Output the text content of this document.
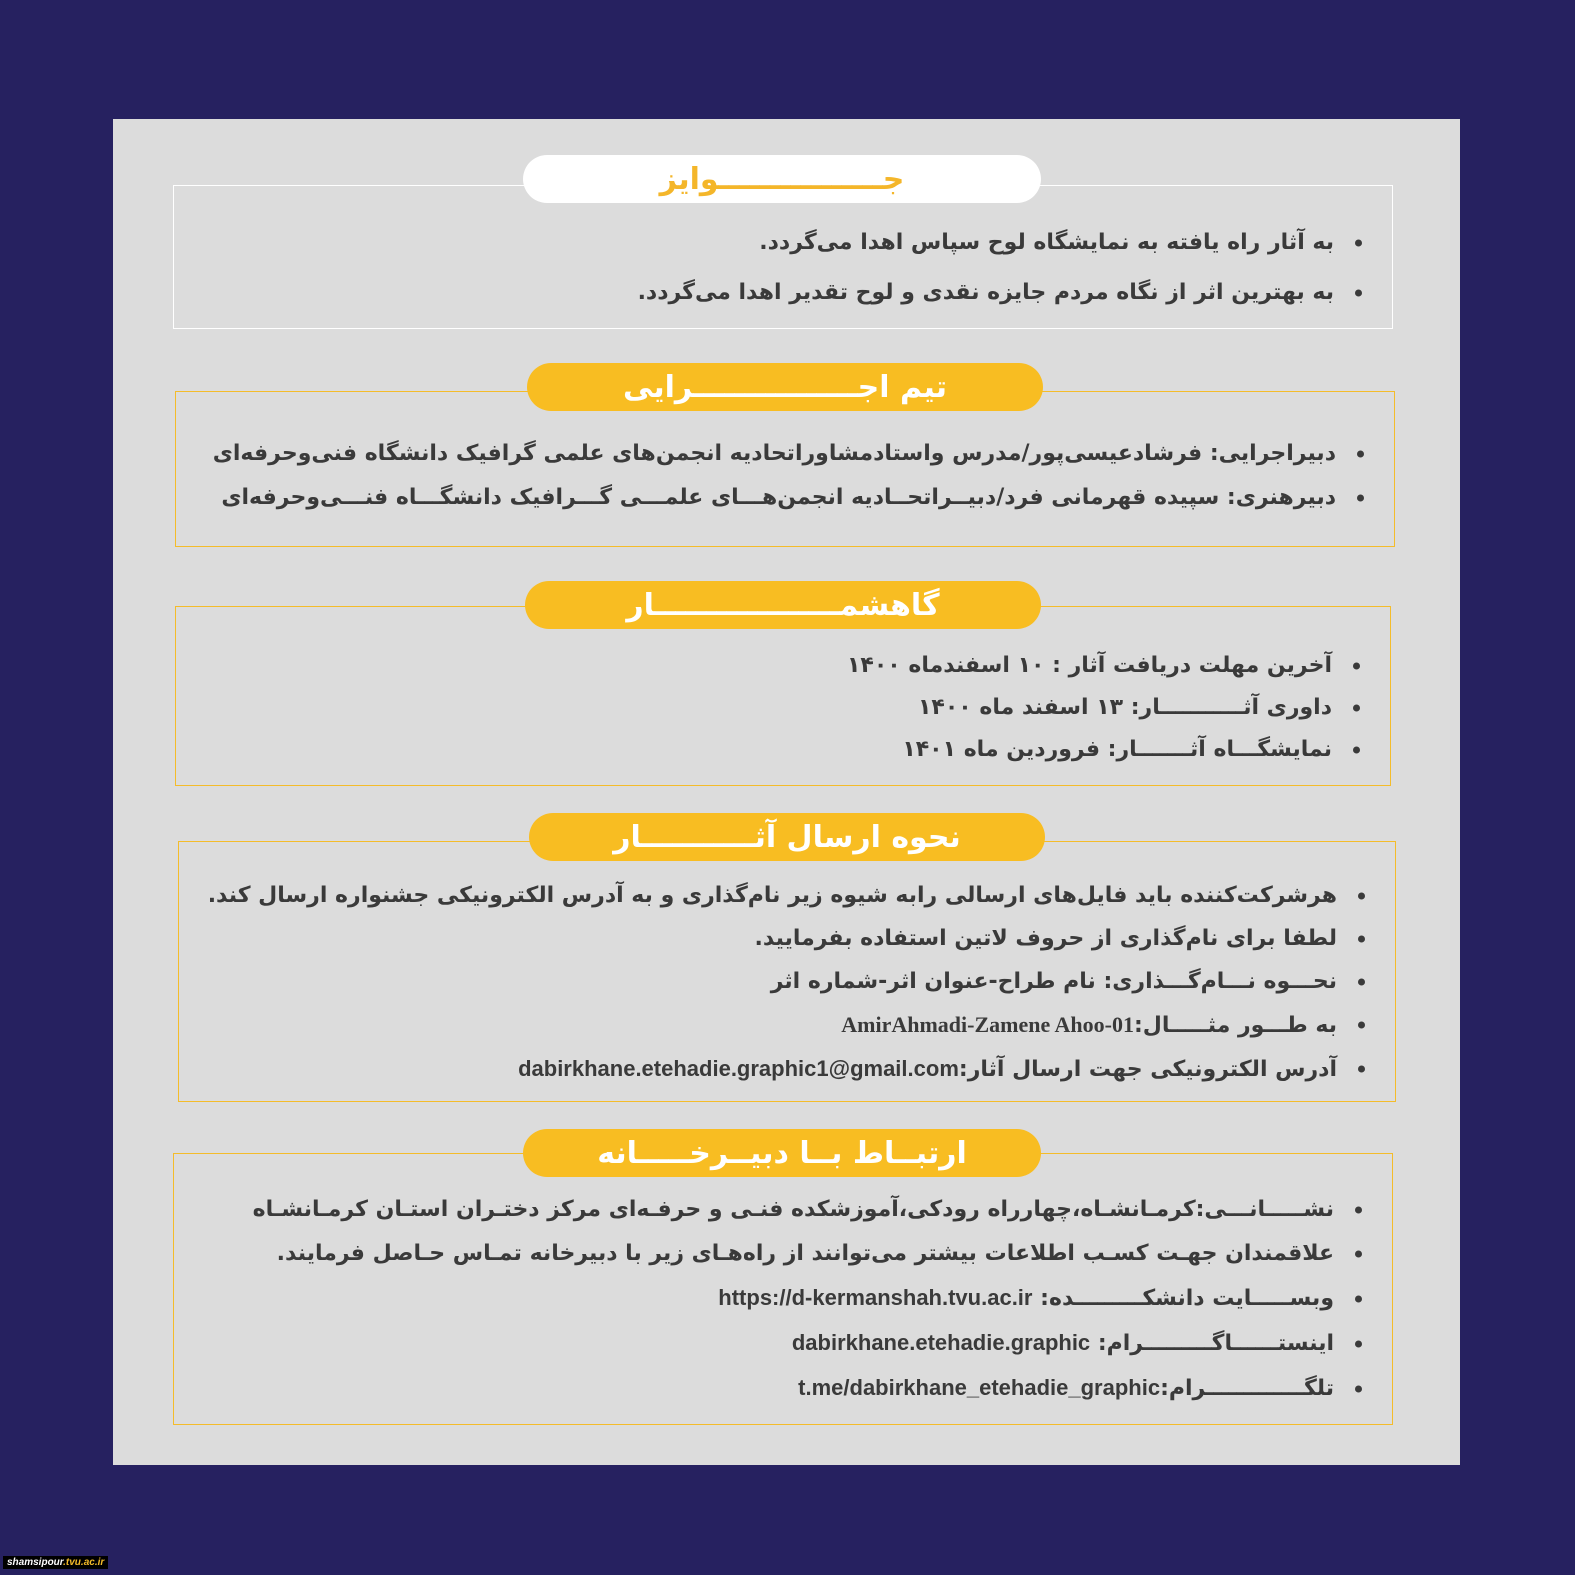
به آثار راه یافته به نمایشگاه لوح سپاس اهدا می‌گردد.
به بهترین اثر از نگاه مردم جایزه نقدی و لوح تقدیر اهدا می‌گردد.
جــــــــــــــــوایز
دبیراجرایی: فرشادعیسی‌پور/مدرس واستادمشاوراتحادیه انجمن‌های علمی گرافیک دانشگاه فنی‌وحرفه‌ای
دبیرهنری: سپیده قهرمانی فرد/دبیــراتحــادیه انجمن‌هـــای علمـــی گـــرافیک دانشگـــاه فنـــی‌وحرفه‌ای
تیم اجــــــــــــــــرایی
آخرین مهلت دریافت آثار : ۱۰ اسفندماه ۱۴۰۰
داوری آثـــــــــــار: ۱۳ اسفند ماه ۱۴۰۰
نمایشگـــاه آثـــــــار: فروردین ماه ۱۴۰۱
گاهشمــــــــــــــــــار
هرشرکت‌کننده باید فایل‌های ارسالی رابه شیوه زیر نام‌گذاری و به آدرس الکترونیکی جشنواره ارسال کند.
لطفا برای نام‌گذاری از حروف لاتین استفاده بفرمایید.
نحـــوه نـــام‌گـــذاری: نام طراح-عنوان اثر-شماره اثر
به طـــور مثـــــال:AmirAhmadi-Zamene Ahoo-01
آدرس الکترونیکی جهت ارسال آثار:dabirkhane.etehadie.graphic1@gmail.com
نحوه ارسال آثـــــــــــار
نشـــــانـــی:کرمـانشـاه،چهارراه رودکی،آموزشکده فنـی و حرفـه‌ای مرکز دختـران استـان کرمـانشـاه
علاقمندان جهـت کسـب اطلاعات بیشتر می‌توانند از راه‌هـای زیر با دبیرخانه تمـاس حـاصل فرمایند.
وبســـــایت دانشکـــــــــده: https://d-kermanshah.tvu.ac.ir
اینستــــــاگـــــــــرام: dabirkhane.etehadie.graphic
تلگـــــــــــــرام:t.me/dabirkhane_etehadie_graphic
ارتبــاط بــا دبیــرخـــــانه
shamsipour.tvu.ac.ir
